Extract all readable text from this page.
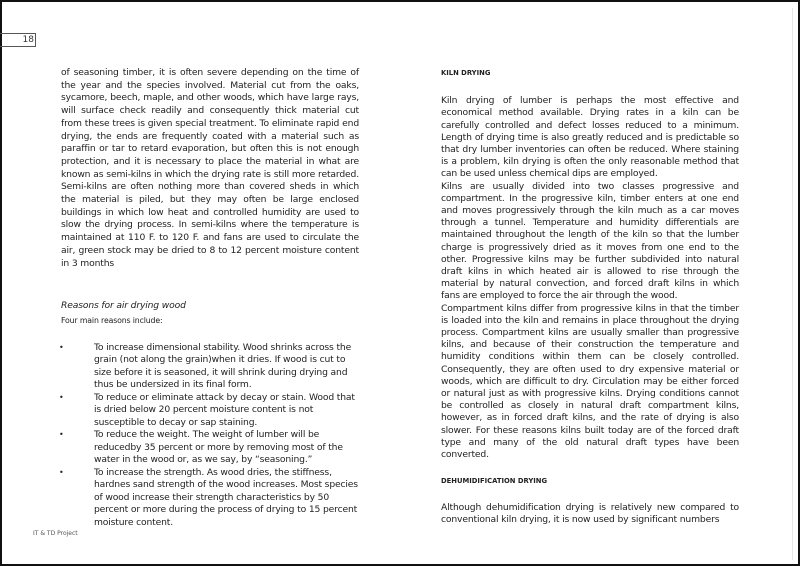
18

of seasoning timber, it is often severe depending on the time of the year and the species involved. Material cut from the oaks, sycamore, beech, maple, and other woods, which have large rays, will surface check readily and consequently thick material cut from these trees is given special treatment. To eliminate rapid end drying, the ends are frequently coated with a material such as paraffin or tar to retard evaporation, but often this is not enough protection, and it is necessary to place the material in what are known as semi-kilns in which the drying rate is still more retarded. Semi-kilns are often nothing more than covered sheds in which the material is piled, but they may often be large enclosed buildings in which low heat and controlled humidity are used to slow the drying process. In semi-kilns where the temperature is maintained at 110 F. to 120 F. and fans are used to circulate the air, green stock may be dried to 8 to 12 percent moisture content in 3 months

Reasons for air drying wood

Four main reasons include:

•	To increase dimensional stability. Wood shrinks across the grain (not along the grain)when it dries. If wood is cut to size before it is seasoned, it will shrink during drying and thus be undersized in its final form.
•	To reduce or eliminate attack by decay or stain. Wood that is dried below 20 percent moisture content is not susceptible to decay or sap staining.
•	To reduce the weight. The weight of lumber will be reducedby 35 percent or more by removing most of the water in the wood or, as we say, by “seasoning.”
•	To increase the strength. As wood dries, the stiffness, hardnes sand strength of the wood increases. Most species of wood increase their strength characteristics by 50 percent or more during the process of drying to 15 percent moisture content.

KILN DRYING

Kiln drying of lumber is perhaps the most effective and economical method available. Drying rates in a kiln can be carefully controlled and defect losses reduced to a minimum. Length of drying time is also greatly reduced and is predictable so that dry lumber inventories can often be reduced. Where staining is a problem, kiln drying is often the only reasonable method that can be used unless chemical dips are employed.

Kilns are usually divided into two classes progressive and compartment. In the progressive kiln, timber enters at one end and moves progressively through the kiln much as a car moves through a tunnel. Temperature and humidity differentials are maintained throughout the length of the kiln so that the lumber charge is progressively dried as it moves from one end to the other. Progressive kilns may be further subdivided into natural draft kilns in which heated air is allowed to rise through the material by natural convection, and forced draft kilns in which fans are employed to force the air through the wood.

Compartment kilns differ from progressive kilns in that the timber is loaded into the kiln and remains in place throughout the drying process. Compartment kilns are usually smaller than progressive kilns, and because of their construction the temperature and humidity conditions within them can be closely controlled. Consequently, they are often used to dry expensive material or woods, which are difficult to dry. Circulation may be either forced or natural just as with progressive kilns. Drying conditions cannot be controlled as closely in natural draft compartment kilns, however, as in forced draft kilns, and the rate of drying is also slower. For these reasons kilns built today are of the forced draft type and many of the old natural draft types have been converted.

DEHUMIDIFICATION DRYING

Although dehumidification drying is relatively new compared to conventional kiln drying, it is now used by significant numbers

IT & TD Project
